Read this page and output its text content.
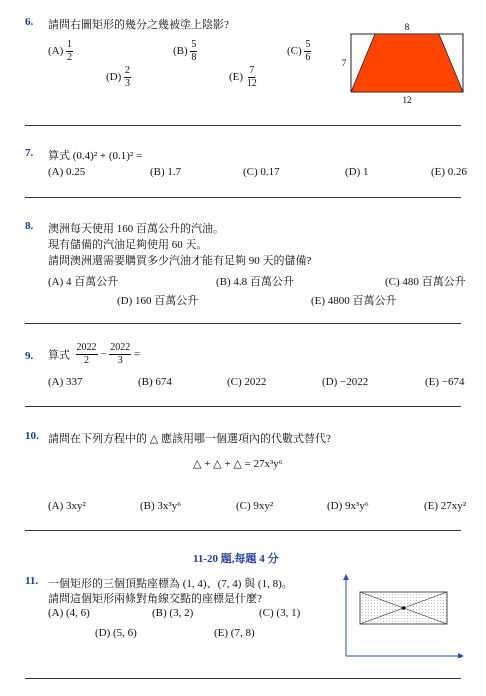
6. 請問右圖矩形的幾分之幾被塗上陰影?
$(A) \frac{1}{2}$	$(B) \frac{5}{8}$	$(C) \frac{5}{6}$
$(D) \frac{2}{3}$	$(E) \frac{7}{12}$
8
7
12
7. 算式 (0.4)² + (0.1)² =
(A) 0.25	(B) 1.7	(C) 0.17	(D) 1	(E) 0.26
8. 澳洲每天使用 160 百萬公升的汽油。
現有儲備的汽油足夠使用 60 天。
請問澳洲還需要購買多少汽油才能有足夠 90 天的儲備?
(A) 4 百萬公升	(B) 4.8 百萬公升	(C) 480 百萬公升
(D) 160 百萬公升	(E) 4800 百萬公升
9. 算式 $\frac{2022}{2} - \frac{2022}{3}$ =
(A) 337	(B) 674	(C) 2022	(D) −2022	(E) −674
10. 請問在下列方程中的 △ 應該用哪一個選項內的代數式替代?
△ + △ + △ = 27x³y⁶
(A) 3xy²	(B) 3x³y⁶	(C) 9xy²	(D) 9x³y⁶	(E) 27xy²
11-20 題,每題 4 分
11. 一個矩形的三個頂點座標為 (1, 4)、(7, 4) 與 (1, 8)。
請問這個矩形兩條對角線交點的座標是什麼?
(A) (4, 6)	(B) (3, 2)	(C) (3, 1)
(D) (5, 6)	(E) (7, 8)
